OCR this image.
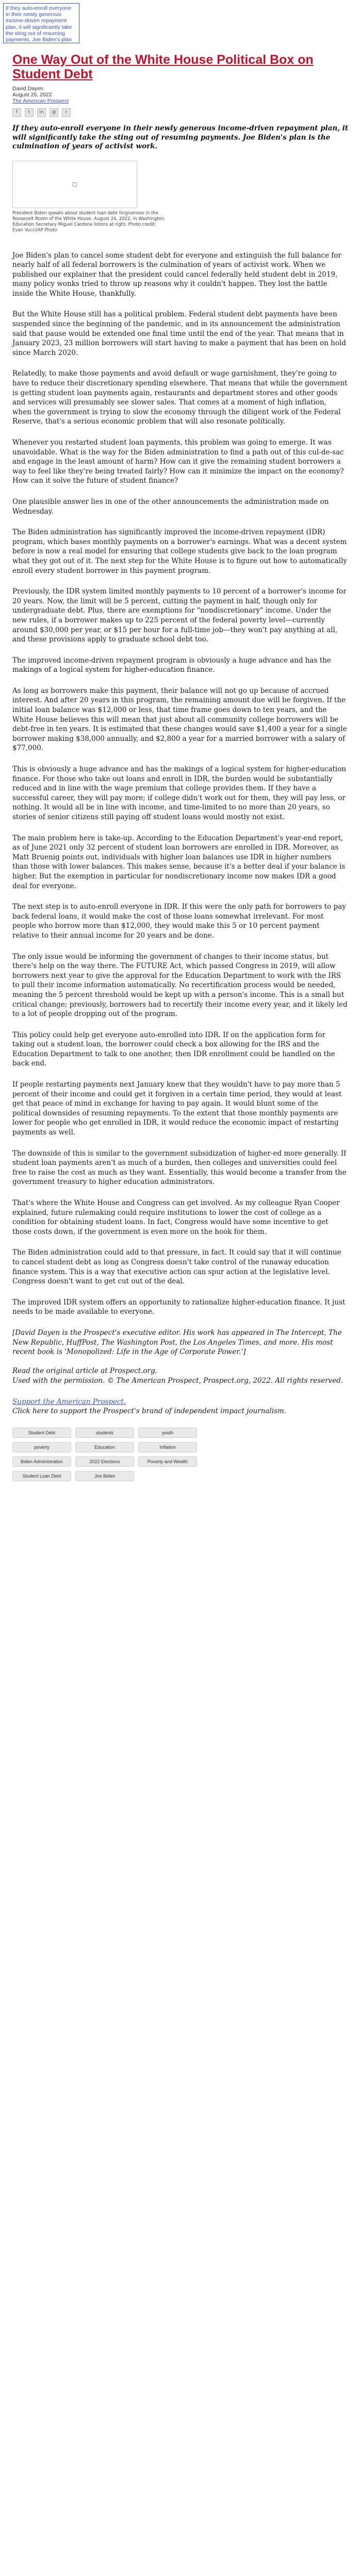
If they auto-enroll everyone in their newly generous income-driven repayment plan, it will significantly take the sting out of resuming payments. Joe Biden's plan
One Way Out of the White House Political Box on Student Debt
David Dayen
August 25, 2022
The American Prospect
f	t	in	@	r
If they auto-enroll everyone in their newly generous income-driven repayment plan, it will significantly take the sting out of resuming payments. Joe Biden's plan is the culmination of years of activist work.
▢
President Biden speaks about student loan debt forgiveness in the Roosevelt Room of the White House, August 24, 2022, in Washington. Education Secretary Miguel Cardona listens at right. Photo credit: Evan Vucci/AP Photo

Joe Biden's plan to cancel some student debt for everyone and extinguish the full balance for nearly half of all federal borrowers is the culmination of years of activist work. When we published our explainer that the president could cancel federally held student debt in 2019, many policy wonks tried to throw up reasons why it couldn't happen. They lost the battle inside the White House, thankfully.

But the White House still has a political problem. Federal student debt payments have been suspended since the beginning of the pandemic, and in its announcement the administration said that pause would be extended one final time until the end of the year. That means that in January 2023, 23 million borrowers will start having to make a payment that has been on hold since March 2020.

Relatedly, to make those payments and avoid default or wage garnishment, they're going to have to reduce their discretionary spending elsewhere. That means that while the government is getting student loan payments again, restaurants and department stores and other goods and services will presumably see slower sales. That comes at a moment of high inflation, when the government is trying to slow the economy through the diligent work of the Federal Reserve, that's a serious economic problem that will also resonate politically.

Whenever you restarted student loan payments, this problem was going to emerge. It was unavoidable. What is the way for the Biden administration to find a path out of this cul-de-sac and engage in the least amount of harm? How can it give the remaining student borrowers a way to feel like they're being treated fairly? How can it minimize the impact on the economy? How can it solve the future of student finance?

One plausible answer lies in one of the other announcements the administration made on Wednesday.

The Biden administration has significantly improved the income-driven repayment (IDR) program, which bases monthly payments on a borrower's earnings. What was a decent system before is now a real model for ensuring that college students give back to the loan program what they got out of it. The next step for the White House is to figure out how to automatically enroll every student borrower in this payment program.

Previously, the IDR system limited monthly payments to 10 percent of a borrower's income for 20 years. Now, the limit will be 5 percent, cutting the payment in half, though only for undergraduate debt. Plus, there are exemptions for "nondiscretionary" income. Under the new rules, if a borrower makes up to 225 percent of the federal poverty level—currently around $30,000 per year, or $15 per hour for a full-time job—they won't pay anything at all, and these provisions apply to graduate school debt too.

The improved income-driven repayment program is obviously a huge advance and has the makings of a logical system for higher-education finance.

As long as borrowers make this payment, their balance will not go up because of accrued interest. And after 20 years in this program, the remaining amount due will be forgiven. If the initial loan balance was $12,000 or less, that time frame goes down to ten years, and the White House believes this will mean that just about all community college borrowers will be debt-free in ten years. It is estimated that these changes would save $1,400 a year for a single borrower making $38,000 annually, and $2,800 a year for a married borrower with a salary of $77,000.

This is obviously a huge advance and has the makings of a logical system for higher-education finance. For those who take out loans and enroll in IDR, the burden would be substantially reduced and in line with the wage premium that college provides them. If they have a successful career, they will pay more; if college didn't work out for them, they will pay less, or nothing. It would all be in line with income, and time-limited to no more than 20 years, so stories of senior citizens still paying off student loans would mostly not exist.

The main problem here is take-up. According to the Education Department's year-end report, as of June 2021 only 32 percent of student loan borrowers are enrolled in IDR. Moreover, as Matt Bruenig points out, individuals with higher loan balances use IDR in higher numbers than those with lower balances. This makes sense, because it's a better deal if your balance is higher. But the exemption in particular for nondiscretionary income now makes IDR a good deal for everyone.

The next step is to auto-enroll everyone in IDR. If this were the only path for borrowers to pay back federal loans, it would make the cost of those loans somewhat irrelevant. For most people who borrow more than $12,000, they would make this 5 or 10 percent payment relative to their annual income for 20 years and be done.

The only issue would be informing the government of changes to their income status, but there's help on the way there. The FUTURE Act, which passed Congress in 2019, will allow borrowers next year to give the approval for the Education Department to work with the IRS to pull their income information automatically. No recertification process would be needed, meaning the 5 percent threshold would be kept up with a person's income. This is a small but critical change; previously, borrowers had to recertify their income every year, and it likely led to a lot of people dropping out of the program.

This policy could help get everyone auto-enrolled into IDR. If on the application form for taking out a student loan, the borrower could check a box allowing for the IRS and the Education Department to talk to one another, then IDR enrollment could be handled on the back end.

If people restarting payments next January knew that they wouldn't have to pay more than 5 percent of their income and could get it forgiven in a certain time period, they would at least get that peace of mind in exchange for having to pay again. It would blunt some of the political downsides of resuming repayments. To the extent that those monthly payments are lower for people who get enrolled in IDR, it would reduce the economic impact of restarting payments as well.

The downside of this is similar to the government subsidization of higher-ed more generally. If student loan payments aren't as much of a burden, then colleges and universities could feel free to raise the cost as much as they want. Essentially, this would become a transfer from the government treasury to higher education administrators.

That's where the White House and Congress can get involved. As my colleague Ryan Cooper explained, future rulemaking could require institutions to lower the cost of college as a condition for obtaining student loans. In fact, Congress would have some incentive to get those costs down, if the government is even more on the hook for them.

The Biden administration could add to that pressure, in fact. It could say that it will continue to cancel student debt as long as Congress doesn't take control of the runaway education finance system. This is a way that executive action can spur action at the legislative level. Congress doesn't want to get cut out of the deal.

The improved IDR system offers an opportunity to rationalize higher-education finance. It just needs to be made available to everyone.

[David Dayen is the Prospect's executive editor. His work has appeared in The Intercept, The New Republic, HuffPost, The Washington Post, the Los Angeles Times, and more. His most recent book is 'Monopolized: Life in the Age of Corporate Power.']

Read the original article at Prospect.org.
Used with the permission. © The American Prospect, Prospect.org, 2022. All rights reserved.

Support the American Prospect.
Click here to support the Prospect's brand of independent impact journalism.

Student Debt	students	youth
poverty	Education	Inflation
Biden Administration	2022 Elections	Poverty and Wealth
Student Loan Debt	Joe Biden
